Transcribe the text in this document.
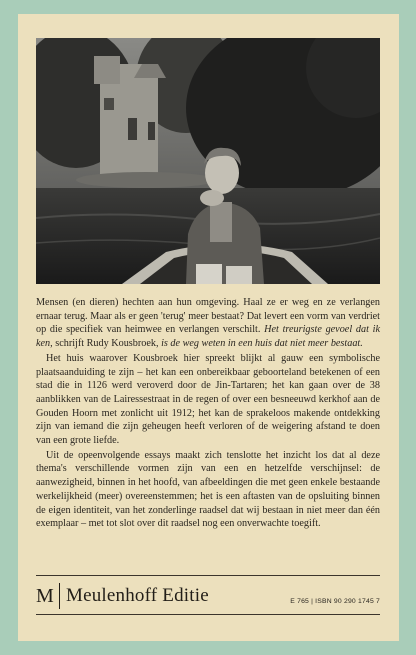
Mensen (en dieren) hechten aan hun omgeving. Haal ze er weg en ze verlangen ernaar terug. Maar als er geen 'terug' meer bestaat? Dat levert een vorm van verdriet op die specifiek van heimwee en verlangen verschilt. Het treurigste gevoel dat ik ken, schrijft Rudy Kousbroek, is de weg weten in een huis dat niet meer bestaat.

Het huis waarover Kousbroek hier spreekt blijkt al gauw een symbolische plaatsaanduiding te zijn – het kan een onbereikbaar geboorteland betekenen of een stad die in 1126 werd veroverd door de Jin-Tartaren; het kan gaan over de 38 aanblikken van de Lairessestraat in de regen of over een besneeuwd kerkhof aan de Gouden Hoorn met zonlicht uit 1912; het kan de sprakeloos makende ontdekking zijn van iemand die zijn geheugen heeft verloren of de weigering afstand te doen van een grote liefde.

Uit de opeenvolgende essays maakt zich tenslotte het inzicht los dat al deze thema's verschillende vormen zijn van een en hetzelfde verschijnsel: de aanwezigheid, binnen in het hoofd, van afbeeldingen die met geen enkele bestaande werkelijkheid (meer) overeenstemmen; het is een aftasten van de opsluiting binnen de eigen identiteit, van het zonderlinge raadsel dat wij bestaan in niet meer dan één exemplaar – met tot slot over dit raadsel nog een onverwachte toegift.

M Meulenhoff Editie	E 765 | ISBN 90 290 1745 7
